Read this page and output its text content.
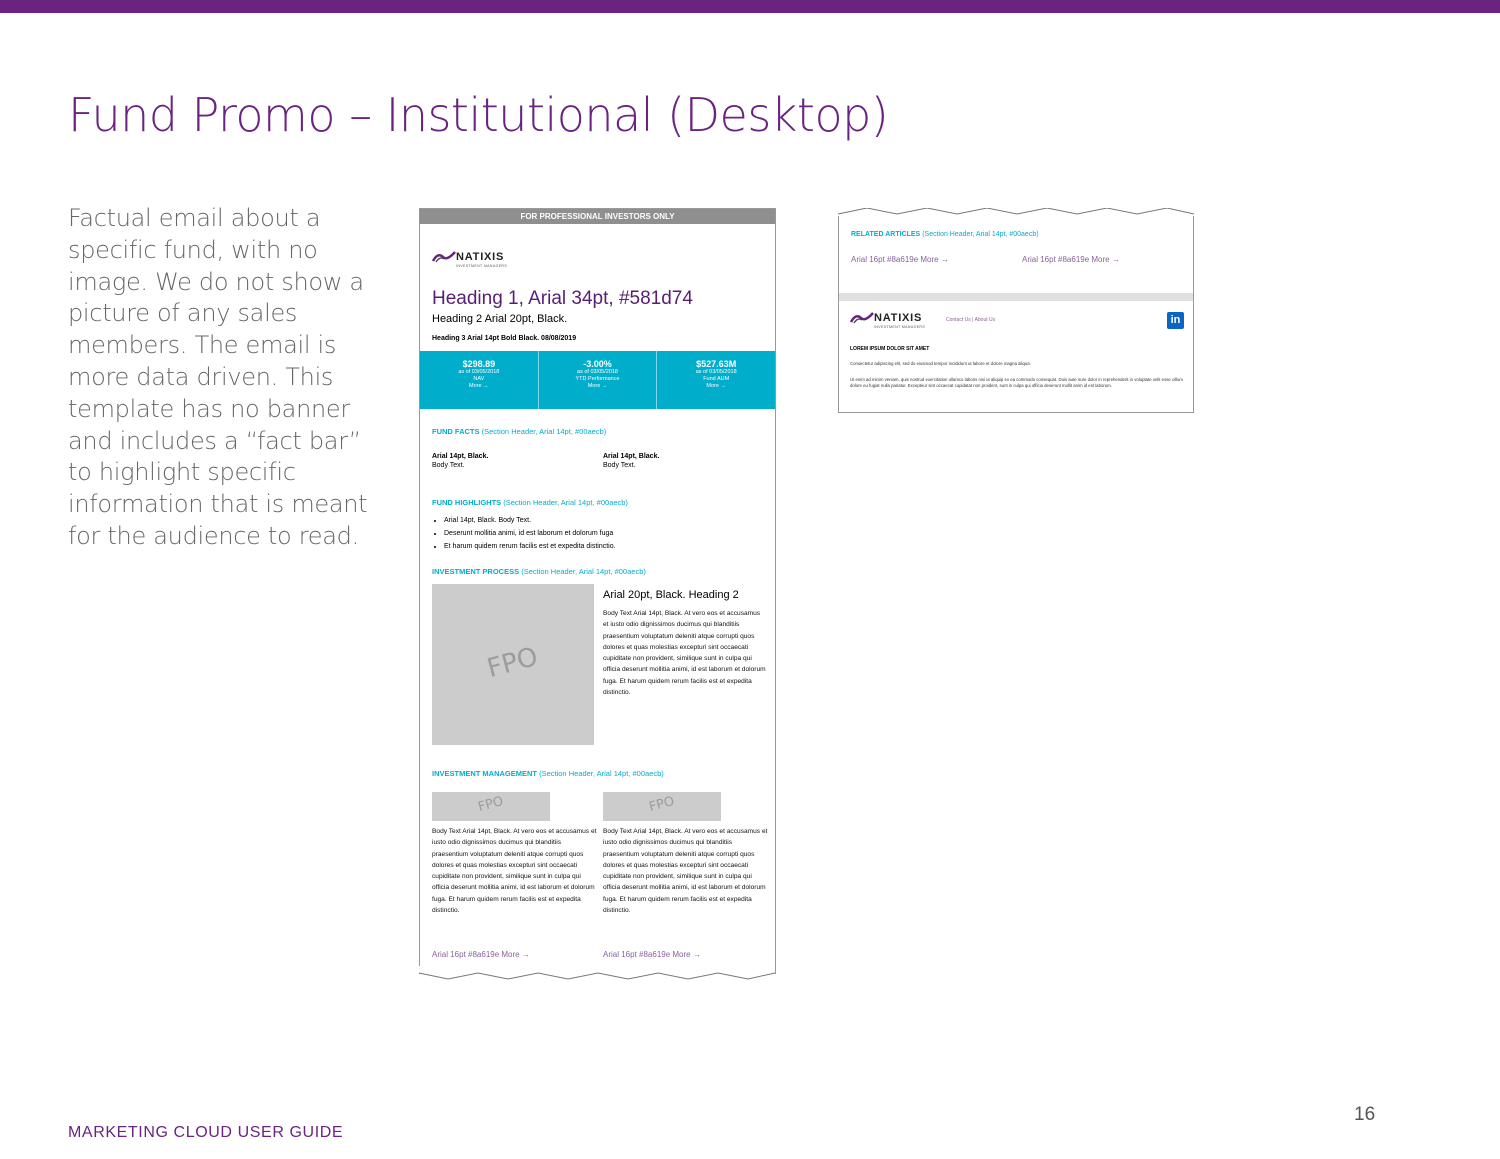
Fund Promo – Institutional (Desktop)
Factual email about a specific fund, with no image. We do not show a picture of any sales members. The email is more data driven. This template has no banner and includes a “fact bar” to highlight specific information that is meant for the audience to read.
FOR PROFESSIONAL INVESTORS ONLY
NATIXIS
INVESTMENT MANAGERS
Heading 1, Arial 34pt, #581d74
Heading 2 Arial 20pt, Black.
Heading 3 Arial 14pt Bold Black. 08/08/2019
$298.89
as of 03/05/2018
NAV
More →
-3.00%
as of 03/05/2018
YTD Performance
More →
$527.63M
as of 03/05/2018
Fund AUM
More →
FUND FACTS (Section Header, Arial 14pt, #00aecb)
Arial 14pt, Black.
Body Text.
Arial 14pt, Black.
Body Text.
FUND HIGHLIGHTS (Section Header, Arial 14pt, #00aecb)
• Arial 14pt, Black. Body Text.
• Deserunt mollitia animi, id est laborum et dolorum fuga
• Et harum quidem rerum facilis est et expedita distinctio.
INVESTMENT PROCESS (Section Header, Arial 14pt, #00aecb)
FPO
Arial 20pt, Black. Heading 2
Body Text Arial 14pt, Black. At vero eos et accusamus et iusto odio dignissimos ducimus qui blanditiis praesentium voluptatum deleniti atque corrupti quos dolores et quas molestias excepturi sint occaecati cupiditate non provident, similique sunt in culpa qui officia deserunt mollitia animi, id est laborum et dolorum fuga. Et harum quidem rerum facilis est et expedita distinctio.
INVESTMENT MANAGEMENT (Section Header, Arial 14pt, #00aecb)
FPO	FPO
Body Text Arial 14pt, Black. At vero eos et accusamus et iusto odio dignissimos ducimus qui blanditiis praesentium voluptatum deleniti atque corrupti quos dolores et quas molestias excepturi sint occaecati cupiditate non provident, similique sunt in culpa qui officia deserunt mollitia animi, id est laborum et dolorum fuga. Et harum quidem rerum facilis est et expedita distinctio.
Body Text Arial 14pt, Black. At vero eos et accusamus et iusto odio dignissimos ducimus qui blanditiis praesentium voluptatum deleniti atque corrupti quos dolores et quas molestias excepturi sint occaecati cupiditate non provident, similique sunt in culpa qui officia deserunt mollitia animi, id est laborum et dolorum fuga. Et harum quidem rerum facilis est et expedita distinctio.
Arial 16pt #8a619e More →	Arial 16pt #8a619e More →
RELATED ARTICLES (Section Header, Arial 14pt, #00aecb)
Arial 16pt #8a619e More →	Arial 16pt #8a619e More →
NATIXIS
INVESTMENT MANAGERS
Contact Us | About Us	in
LOREM IPSUM DOLOR SIT AMET
Consectetur adipiscing elit, sed do eiusmod tempor incididunt ut labore et dolore magna aliqua.
Ut enim ad minim veniam, quis nostrud exercitation ullamco laboris nisi ut aliquip ex ea commodo consequat. Duis aute irure dolor in reprehenderit in voluptate velit esse cillum dolore eu fugiat nulla pariatur. Excepteur sint occaecat cupidatat non proident, sunt in culpa qui officia deserunt mollit anim id est laborum.
MARKETING CLOUD USER GUIDE
16
